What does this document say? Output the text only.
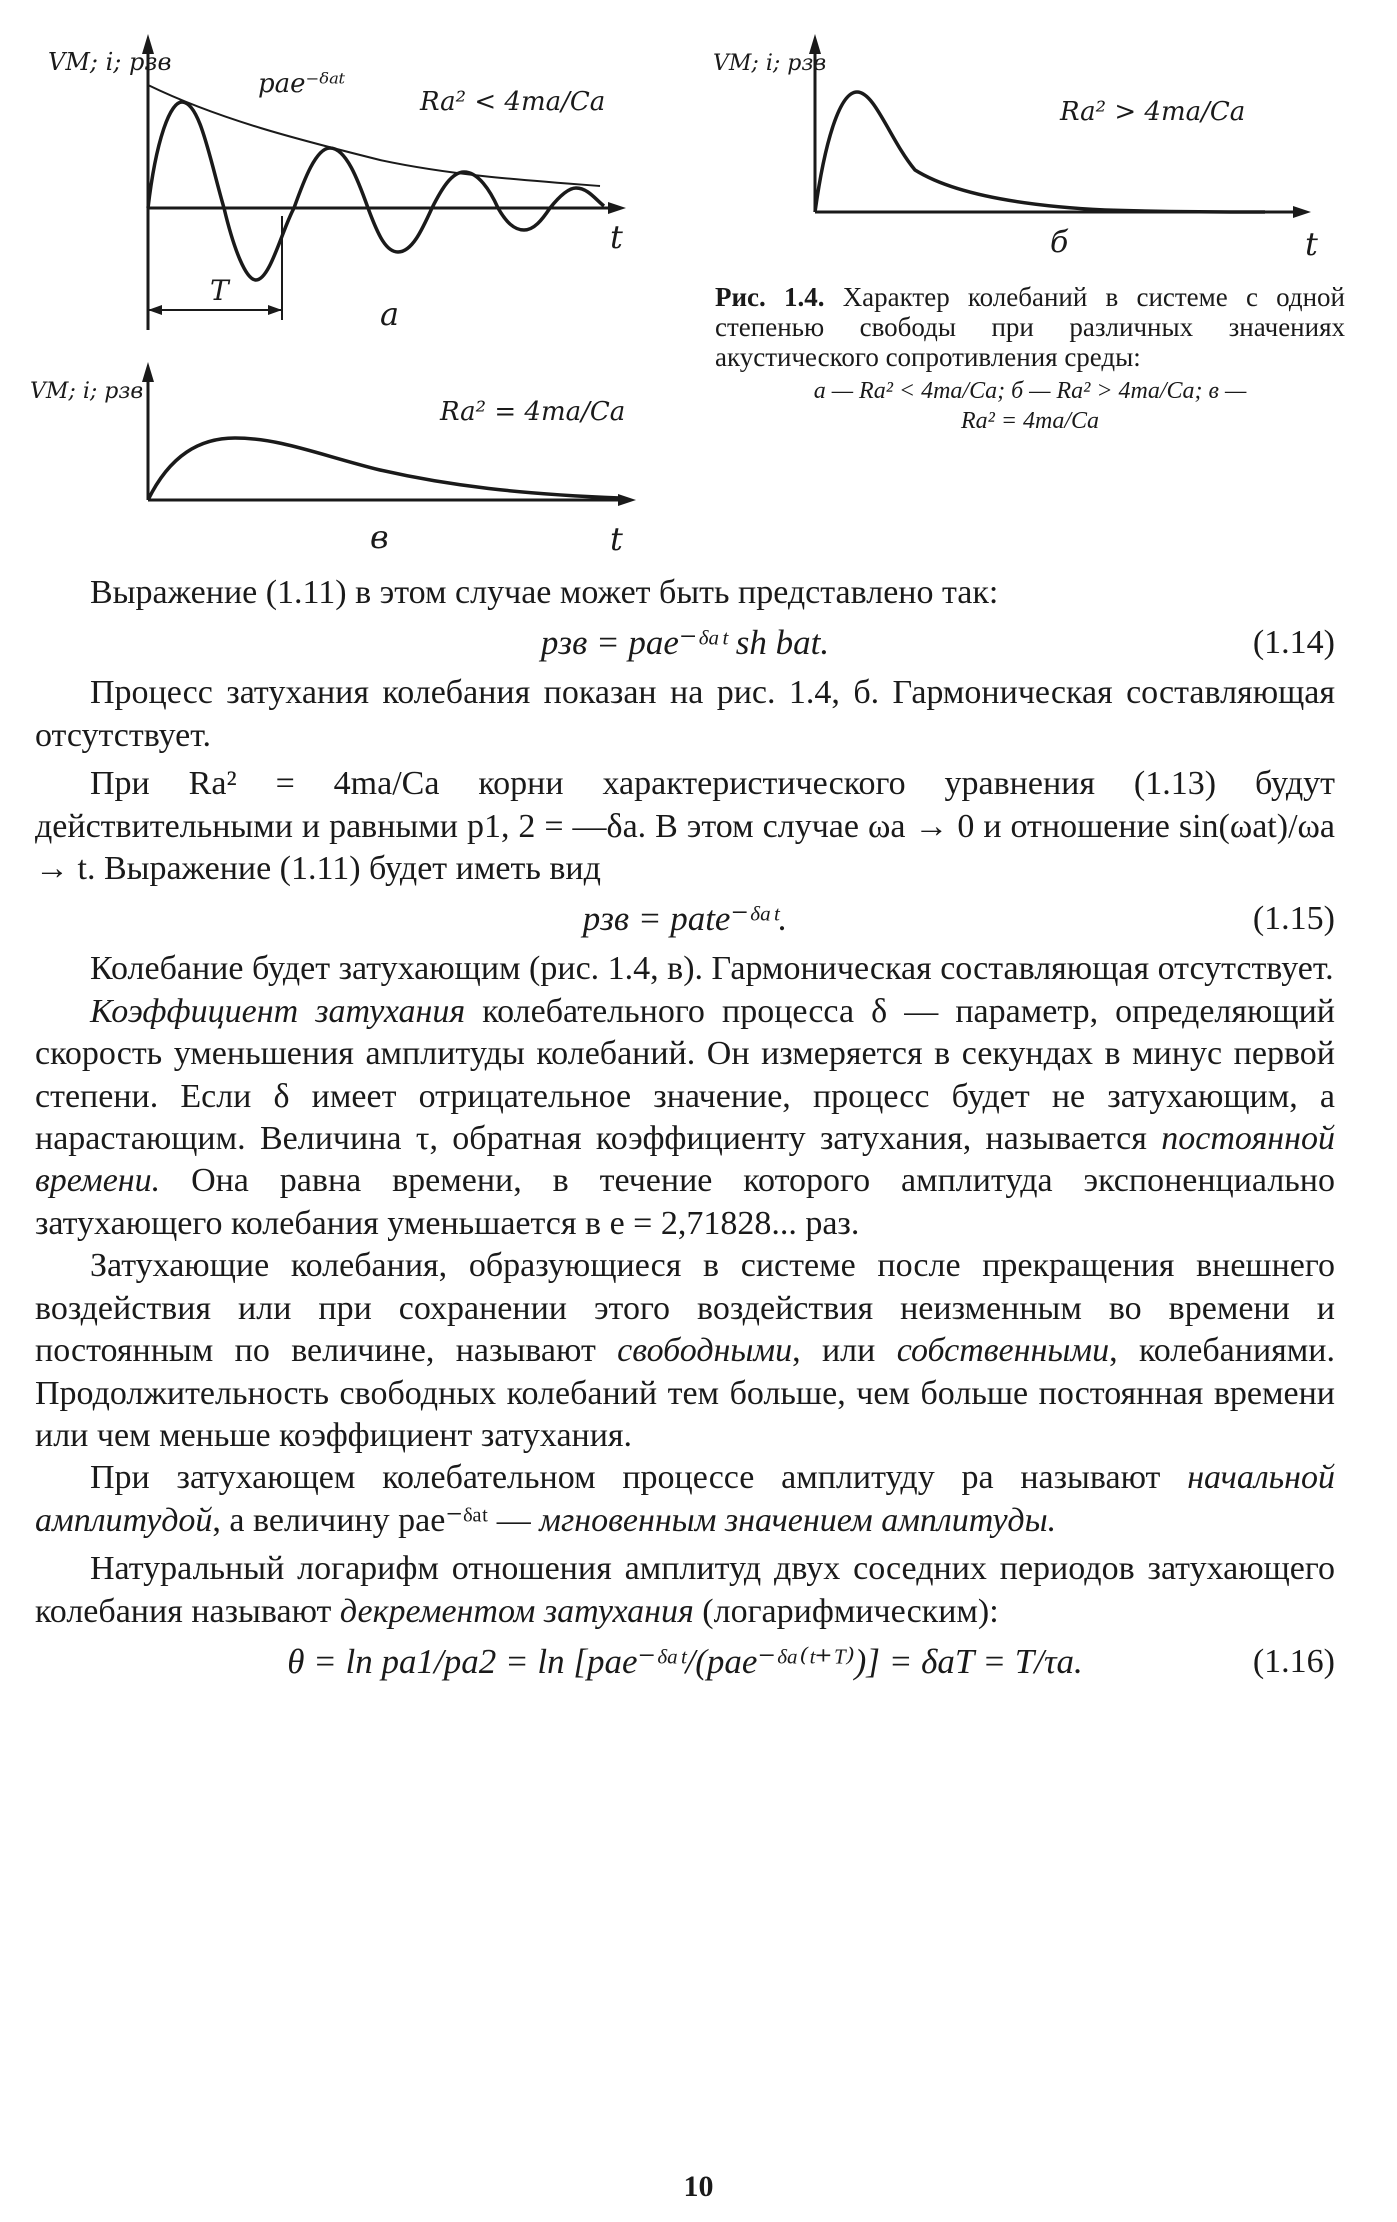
T
VM; i; pзв
pae⁻ᵟᵃᵗ
Ra² < 4ma/Ca
t
a
VM; i; pзв
Ra² > 4ma/Ca
t
б
VM; i; pзв
Ra² = 4ma/Ca
t
в
Рис. 1.4. Характер колебаний в системе с одной степенью свободы при различных значениях акустического сопротивления среды:
а — Rа² < 4mа/Cа; б — Rа² > 4mа/Cа; в —
Rа² = 4mа/Cа

Выражение (1.11) в этом случае может быть представлено так:

pзв = pаe⁻ᵟᵃᵗ sh bаt.	(1.14)

Процесс затухания колебания показан на рис. 1.4, б. Гармоническая составляющая отсутствует.

При Rа² = 4mа/Cа корни характеристического уравнения (1.13) будут действительными и равными p1, 2 = —δа. В этом случае ωа → 0 и отношение sin(ωаt)/ωа → t. Выражение (1.11) будет иметь вид

pзв = pаte⁻ᵟᵃᵗ.	(1.15)

Колебание будет затухающим (рис. 1.4, в). Гармоническая составляющая отсутствует.

Коэффициент затухания колебательного процесса δ — параметр, определяющий скорость уменьшения амплитуды колебаний. Он измеряется в секундах в минус первой степени. Если δ имеет отрицательное значение, процесс будет не затухающим, а нарастающим. Величина τ, обратная коэффициенту затухания, называется постоянной времени. Она равна времени, в течение которого амплитуда экспоненциально затухающего колебания уменьшается в e = 2,71828... раз.

Затухающие колебания, образующиеся в системе после прекращения внешнего воздействия или при сохранении этого воздействия неизменным во времени и постоянным по величине, называют свободными, или собственными, колебаниями. Продолжительность свободных колебаний тем больше, чем больше постоянная времени или чем меньше коэффициент затухания.

При затухающем колебательном процессе амплитуду pа называют начальной амплитудой, а величину pаe⁻ᵟᵃᵗ — мгновенным значением амплитуды.

Натуральный логарифм отношения амплитуд двух соседних периодов затухающего колебания называют декрементом затухания (логарифмическим):

θ = ln pа1/pа2 = ln [pаe⁻ᵟᵃᵗ/(pаe⁻ᵟᵃ⁽ᵗ⁺ᵀ⁾)] = δаT = T/τа.	(1.16)
10
